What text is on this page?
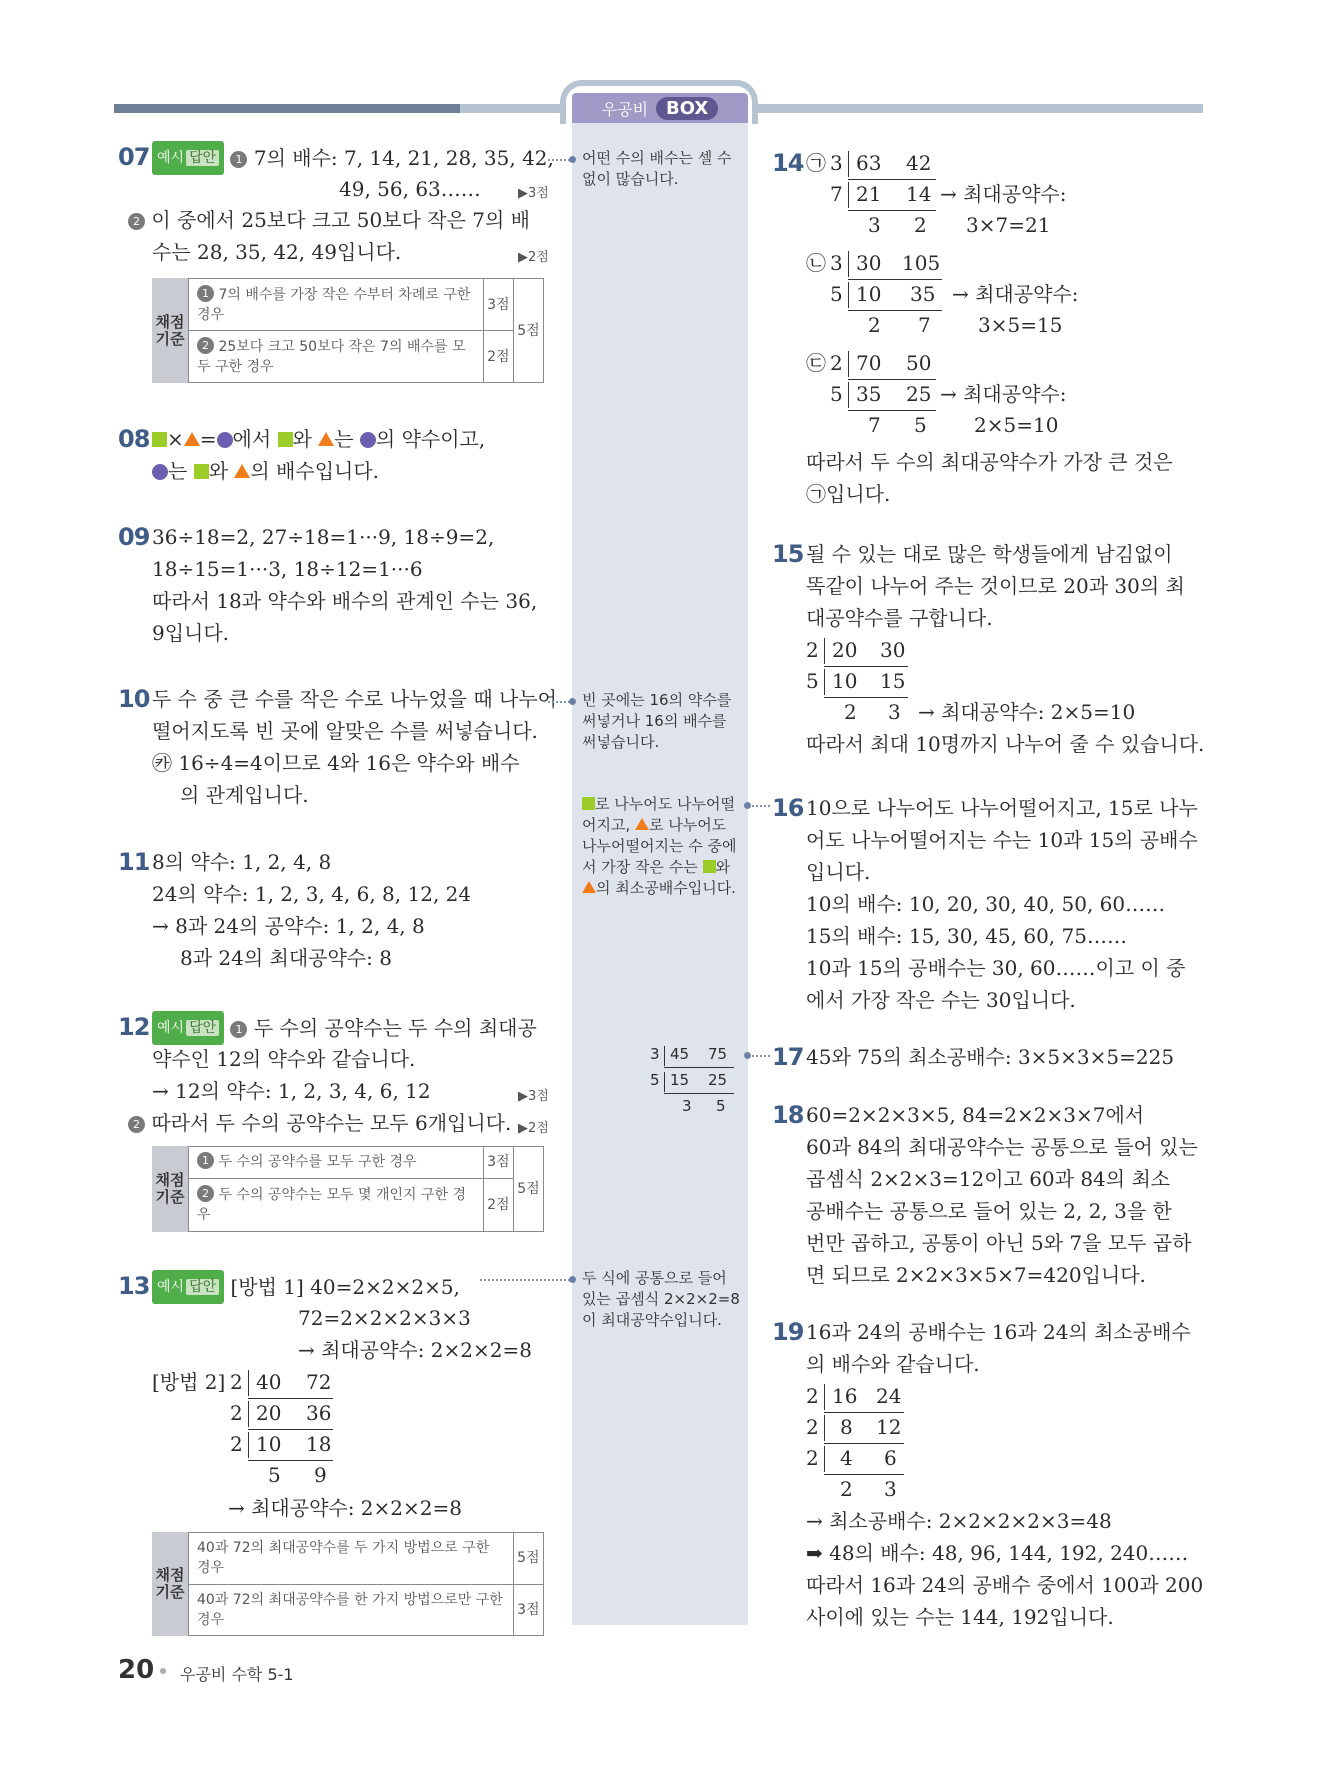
우공비	BOX
07 예시 답안 1 7의 배수: 7, 14, 21, 28, 35, 42,
49, 56, 63……	▶3점
2 이 중에서 25보다 크고 50보다 작은 7의 배
수는 28, 35, 42, 49입니다.	▶2점
채점 기준
1 7의 배수를 가장 작은 수부터 차례로 구한 경우	3점	5점
2 25보다 크고 50보다 작은 7의 배수를 모두 구한 경우	2점	
08 × = 에서 와 는 의 약수이고,
는 와 의 배수입니다.
09 36÷18=2, 27÷18=1···9, 18÷9=2,
18÷15=1···3, 18÷12=1···6
따라서 18과 약수와 배수의 관계인 수는 36,
9입니다.
10 두 수 중 큰 수를 작은 수로 나누었을 때 나누어
떨어지도록 빈 곳에 알맞은 수를 써넣습니다.
㉸ 16÷4=4이므로 4와 16은 약수와 배수
의 관계입니다.
11 8의 약수: 1, 2, 4, 8
24의 약수: 1, 2, 3, 4, 6, 8, 12, 24
→ 8과 24의 공약수: 1, 2, 4, 8
8과 24의 최대공약수: 8
12 예시 답안 1 두 수의 공약수는 두 수의 최대공
약수인 12의 약수와 같습니다.
→ 12의 약수: 1, 2, 3, 4, 6, 12	▶3점
2 따라서 두 수의 공약수는 모두 6개입니다. ▶2점
채점 기준
1 두 수의 공약수를 모두 구한 경우	3점	5점
2 두 수의 공약수는 모두 몇 개인지 구한 경우	2점	
13 예시 답안 [방법 1] 40=2×2×2×5,
72=2×2×2×3×3
→ 최대공약수: 2×2×2=8
[방법 2] 2 40 72
2 20 36
2 10 18
5 9
→ 최대공약수: 2×2×2=8
채점 기준
40과 72의 최대공약수를 두 가지 방법으로 구한 경우	5점
40과 72의 최대공약수를 한 가지 방법으로만 구한 경우	3점
어떤 수의 배수는 셀 수 없이 많습니다.
빈 곳에는 16의 약수를 써넣거나 16의 배수를 써넣습니다.
로 나누어도 나누어떨어지고, 로 나누어도 나누어떨어지는 수 중에서 가장 작은 수는 와 의 최소공배수입니다.
3 45 75
5 15 25
3 5
두 식에 공통으로 들어 있는 곱셈식 2×2×2=8이 최대공약수입니다.
14 ㉠ 3 63 42
7 21 14 → 최대공약수:
3 2 3×7=21
㉡ 3 30 105
5 10 35 → 최대공약수:
2 7 3×5=15
㉢ 2 70 50
5 35 25 → 최대공약수:
7 5 2×5=10
따라서 두 수의 최대공약수가 가장 큰 것은
㉠입니다.
15 될 수 있는 대로 많은 학생들에게 남김없이
똑같이 나누어 주는 것이므로 20과 30의 최
대공약수를 구합니다.
2 20 30
5 10 15
2 3 → 최대공약수: 2×5=10
따라서 최대 10명까지 나누어 줄 수 있습니다.
16 10으로 나누어도 나누어떨어지고, 15로 나누
어도 나누어떨어지는 수는 10과 15의 공배수
입니다.
10의 배수: 10, 20, 30, 40, 50, 60……
15의 배수: 15, 30, 45, 60, 75……
10과 15의 공배수는 30, 60……이고 이 중
에서 가장 작은 수는 30입니다.
17 45와 75의 최소공배수: 3×5×3×5=225
18 60=2×2×3×5, 84=2×2×3×7에서
60과 84의 최대공약수는 공통으로 들어 있는
곱셈식 2×2×3=12이고 60과 84의 최소
공배수는 공통으로 들어 있는 2, 2, 3을 한
번만 곱하고, 공통이 아닌 5와 7을 모두 곱하
면 되므로 2×2×3×5×7=420입니다.
19 16과 24의 공배수는 16과 24의 최소공배수
의 배수와 같습니다.
2 16 24
2 8 12
2 4 6
2 3
→ 최소공배수: 2×2×2×2×3=48
➡ 48의 배수: 48, 96, 144, 192, 240……
따라서 16과 24의 공배수 중에서 100과 200
사이에 있는 수는 144, 192입니다.
20 우공비 수학 5-1
